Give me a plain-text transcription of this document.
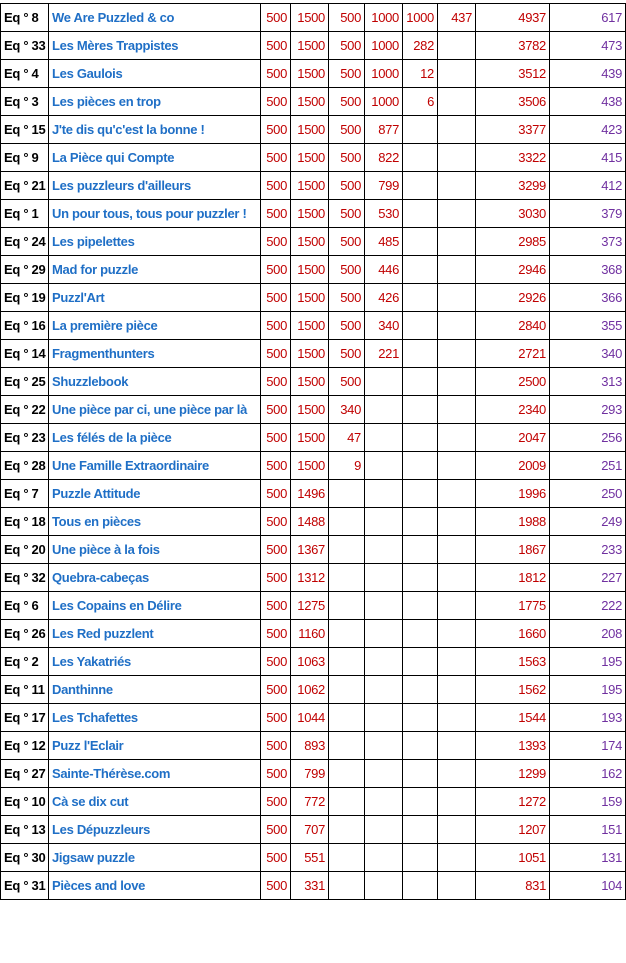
Eq ° 8	We Are Puzzled & co	500	1500	500	1000	1000	437	4937	617
Eq ° 33	Les Mères Trappistes	500	1500	500	1000	282		3782	473
Eq ° 4	Les Gaulois	500	1500	500	1000	12		3512	439
Eq ° 3	Les pièces en trop	500	1500	500	1000	6		3506	438
Eq ° 15	J'te dis qu'c'est la bonne !	500	1500	500	877			3377	423
Eq ° 9	La Pièce qui Compte	500	1500	500	822			3322	415
Eq ° 21	Les puzzleurs d'ailleurs	500	1500	500	799			3299	412
Eq ° 1	Un pour tous, tous pour puzzler !	500	1500	500	530			3030	379
Eq ° 24	Les pipelettes	500	1500	500	485			2985	373
Eq ° 29	Mad for puzzle	500	1500	500	446			2946	368
Eq ° 19	Puzzl'Art	500	1500	500	426			2926	366
Eq ° 16	La première pièce	500	1500	500	340			2840	355
Eq ° 14	Fragmenthunters	500	1500	500	221			2721	340
Eq ° 25	Shuzzlebook	500	1500	500				2500	313
Eq ° 22	Une pièce par ci, une pièce par là	500	1500	340				2340	293
Eq ° 23	Les félés de la pièce	500	1500	47				2047	256
Eq ° 28	Une Famille Extraordinaire	500	1500	9				2009	251
Eq ° 7	Puzzle Attitude	500	1496					1996	250
Eq ° 18	Tous en pièces	500	1488					1988	249
Eq ° 20	Une pièce à la fois	500	1367					1867	233
Eq ° 32	Quebra-cabeças	500	1312					1812	227
Eq ° 6	Les Copains en Délire	500	1275					1775	222
Eq ° 26	Les Red puzzlent	500	1160					1660	208
Eq ° 2	Les Yakatriés	500	1063					1563	195
Eq ° 11	Danthinne	500	1062					1562	195
Eq ° 17	Les Tchafettes	500	1044					1544	193
Eq ° 12	Puzz l'Eclair	500	893					1393	174
Eq ° 27	Sainte-Thérèse.com	500	799					1299	162
Eq ° 10	Cà se dix cut	500	772					1272	159
Eq ° 13	Les Dépuzzleurs	500	707					1207	151
Eq ° 30	Jigsaw puzzle	500	551					1051	131
Eq ° 31	Pièces and love	500	331					831	104
